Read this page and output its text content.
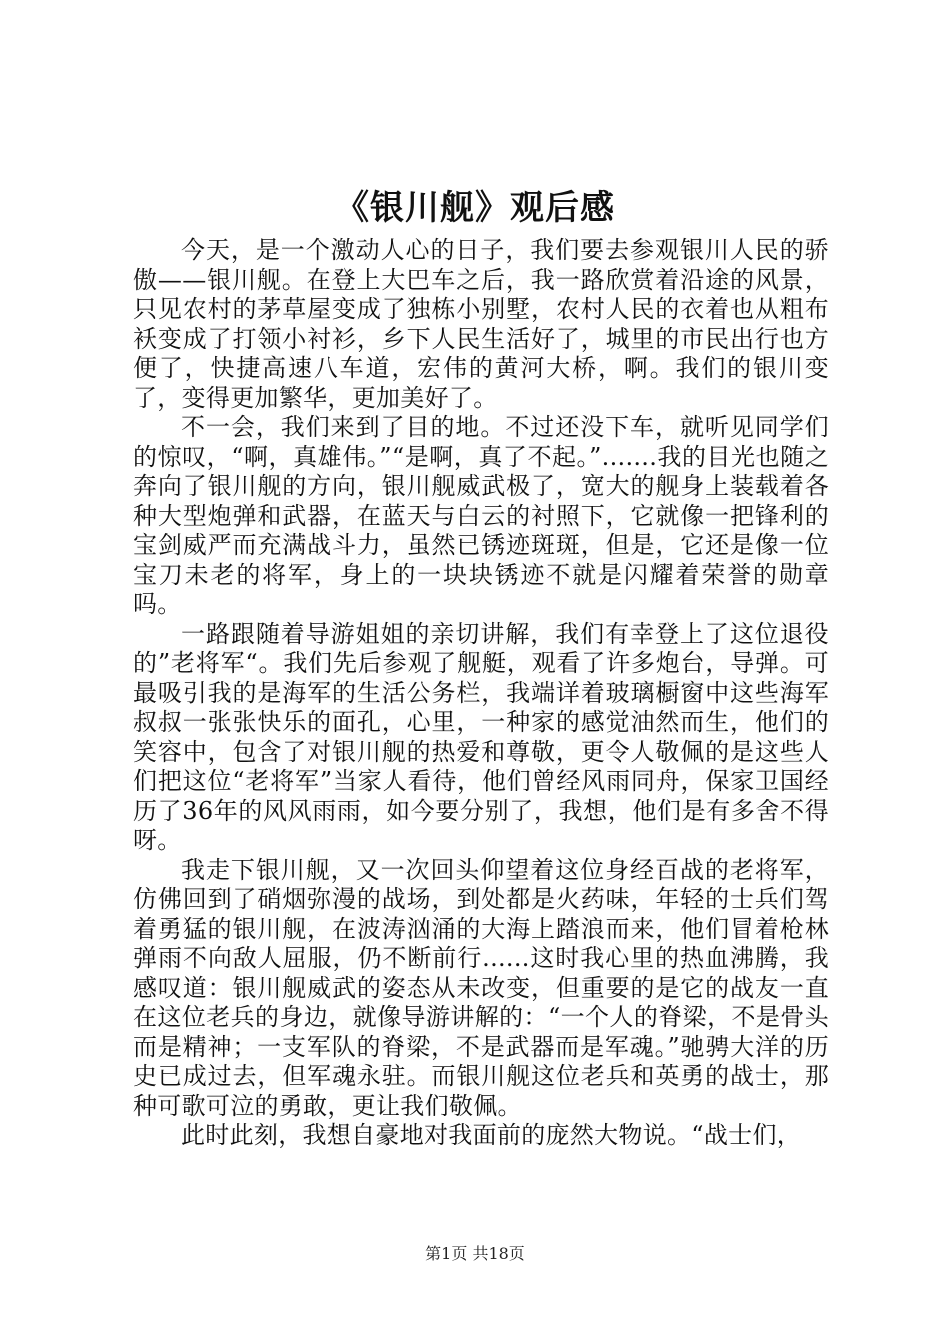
《银川舰》观后感

今天，是一个激动人心的日子，我们要去参观银川人民的骄傲——银川舰。在登上大巴车之后，我一路欣赏着沿途的风景，只见农村的茅草屋变成了独栋小别墅，农村人民的衣着也从粗布袄变成了打领小衬衫，乡下人民生活好了，城里的市民出行也方便了，快捷高速八车道，宏伟的黄河大桥，啊。我们的银川变了，变得更加繁华，更加美好了。

不一会，我们来到了目的地。不过还没下车，就听见同学们的惊叹，“啊，真雄伟。”“是啊，真了不起。”.......我的目光也随之奔向了银川舰的方向，银川舰威武极了，宽大的舰身上装载着各种大型炮弹和武器，在蓝天与白云的衬照下，它就像一把锋利的宝剑威严而充满战斗力，虽然已锈迹斑斑，但是，它还是像一位宝刀未老的将军，身上的一块块锈迹不就是闪耀着荣誉的勋章吗。

一路跟随着导游姐姐的亲切讲解，我们有幸登上了这位退役的”老将军“。我们先后参观了舰艇，观看了许多炮台，导弹。可最吸引我的是海军的生活公务栏，我端详着玻璃橱窗中这些海军叔叔一张张快乐的面孔，心里，一种家的感觉油然而生，他们的笑容中，包含了对银川舰的热爱和尊敬，更令人敬佩的是这些人们把这位“老将军”当家人看待，他们曾经风雨同舟，保家卫国经历了36年的风风雨雨，如今要分别了，我想，他们是有多舍不得呀。

我走下银川舰，又一次回头仰望着这位身经百战的老将军，仿佛回到了硝烟弥漫的战场，到处都是火药味，年轻的士兵们驾着勇猛的银川舰，在波涛汹涌的大海上踏浪而来，他们冒着枪林弹雨不向敌人屈服，仍不断前行......这时我心里的热血沸腾，我感叹道：银川舰威武的姿态从未改变，但重要的是它的战友一直在这位老兵的身边，就像导游讲解的：“一个人的脊梁，不是骨头而是精神；一支军队的脊梁，不是武器而是军魂。”驰骋大洋的历史已成过去，但军魂永驻。而银川舰这位老兵和英勇的战士，那种可歌可泣的勇敢，更让我们敬佩。

此时此刻，我想自豪地对我面前的庞然大物说。“战士们，

第1页 共18页
